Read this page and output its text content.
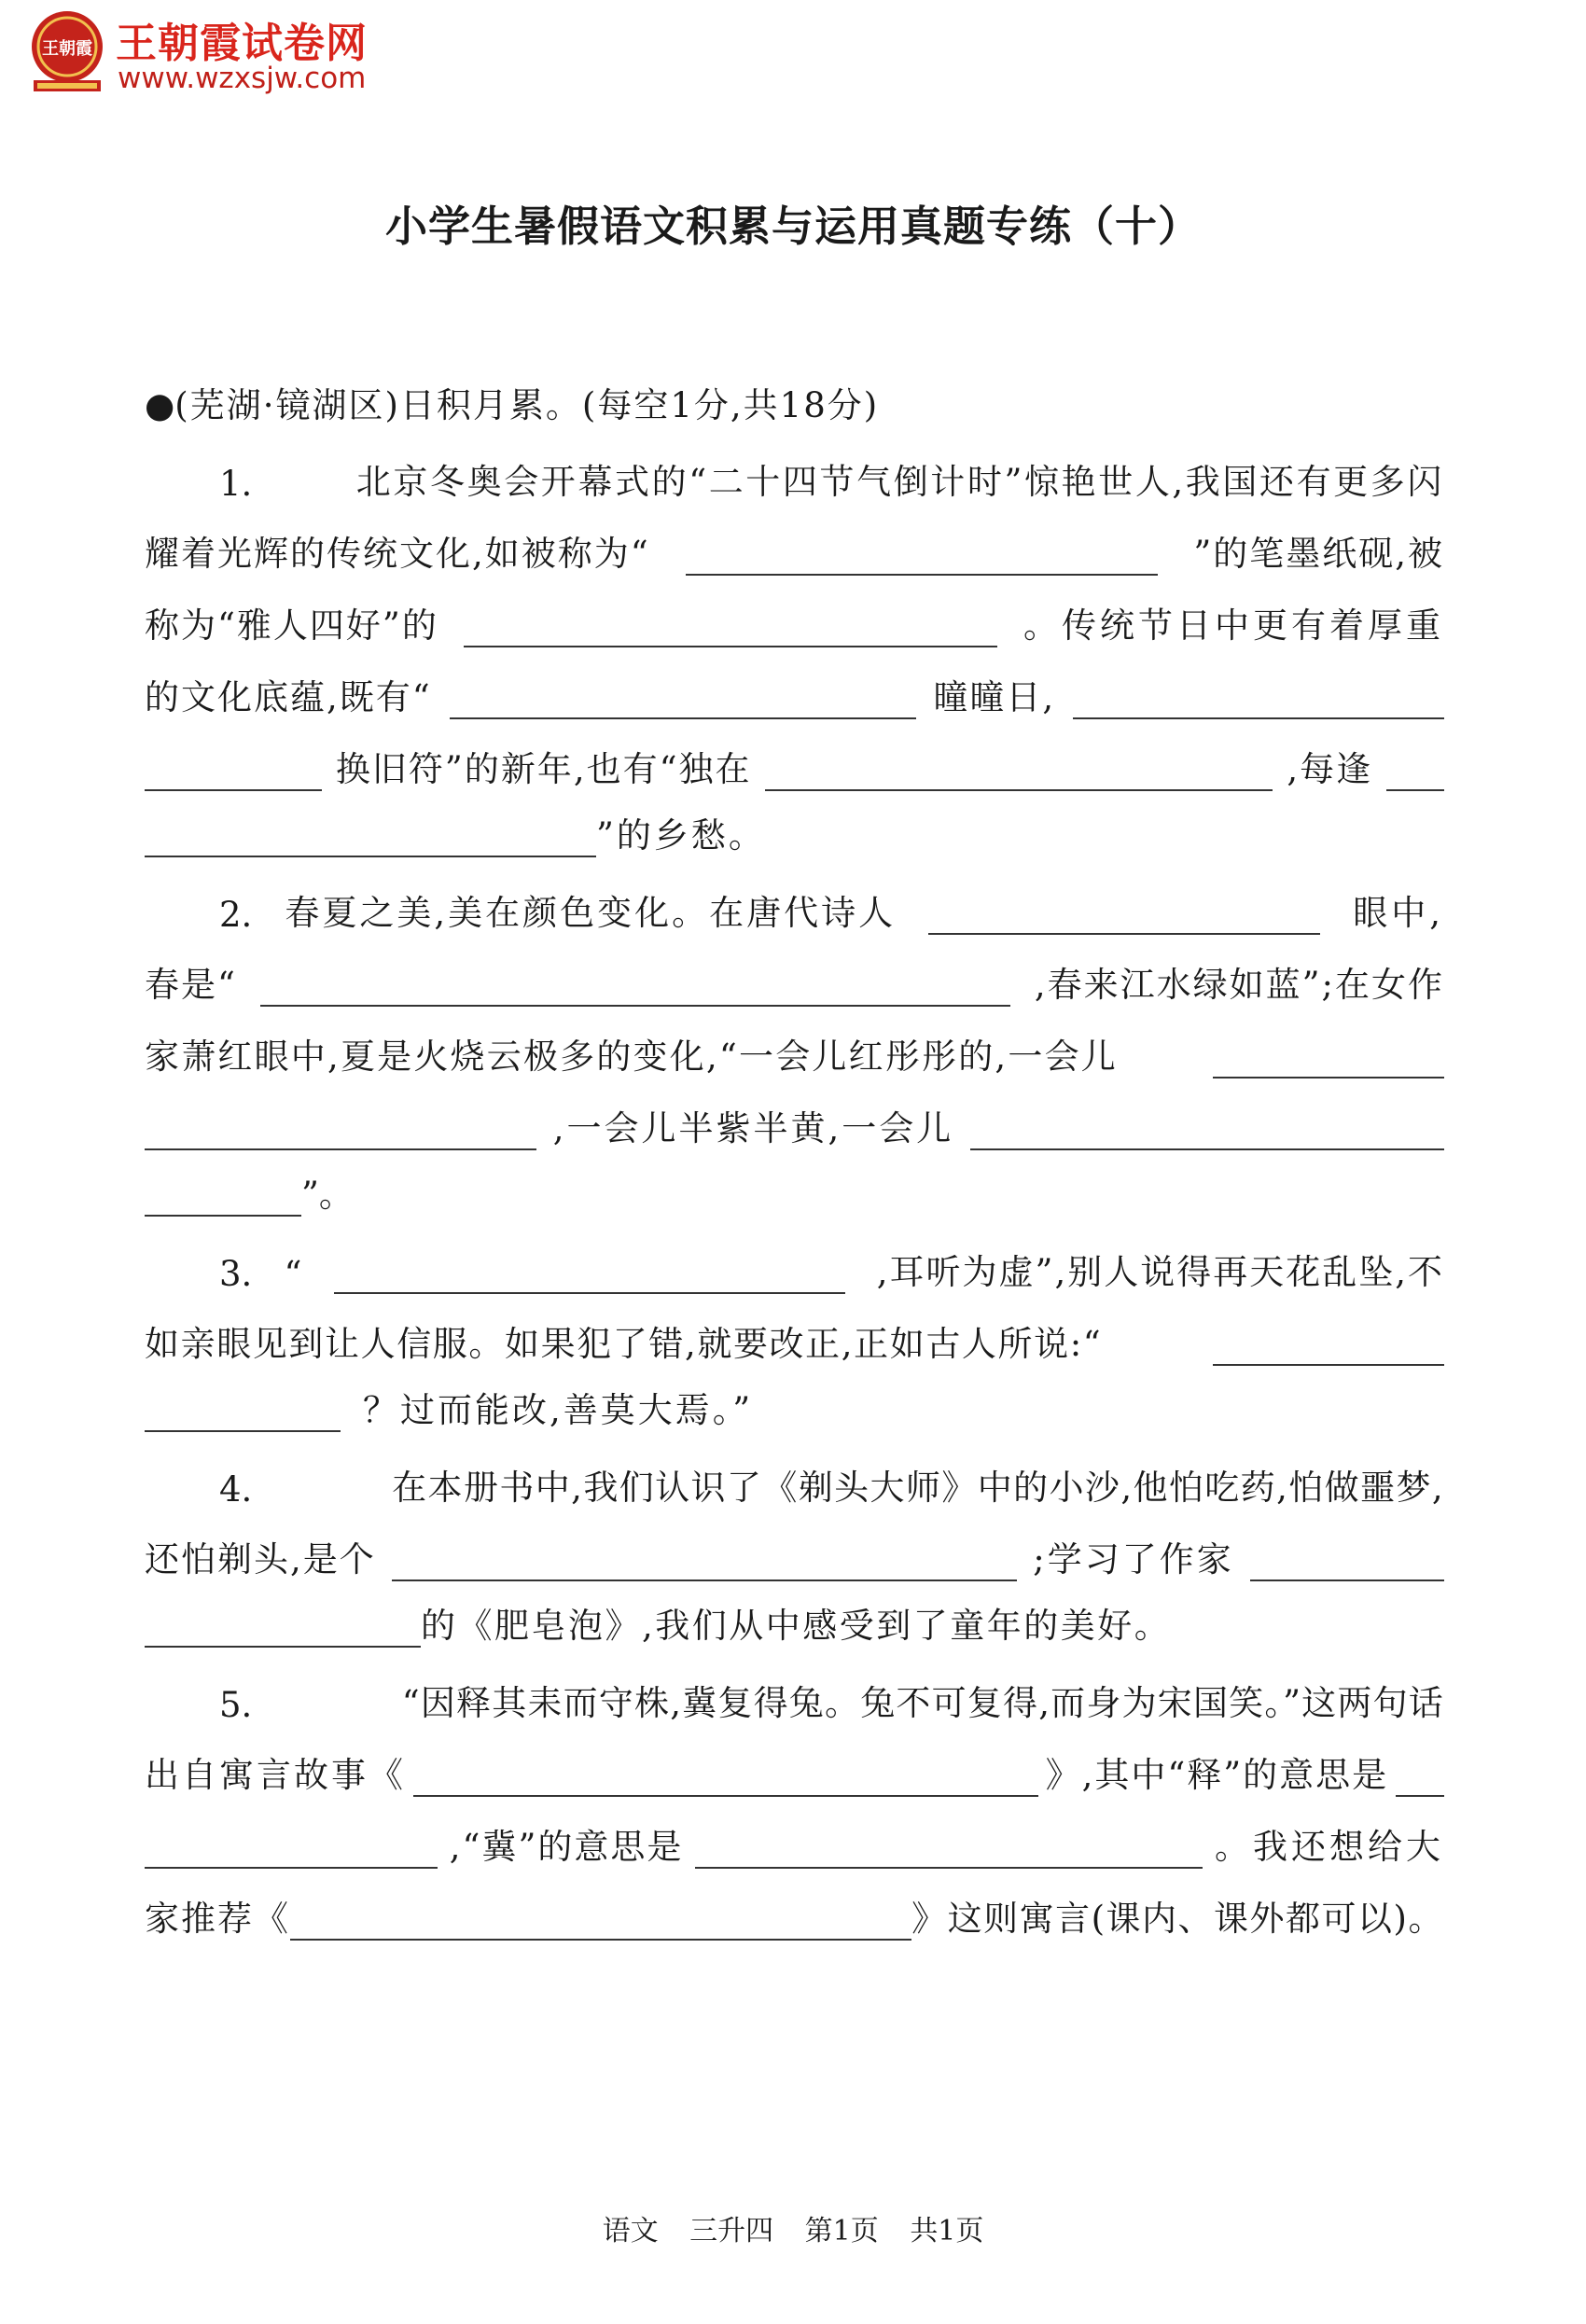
王朝霞 王朝霞试卷网
www.wzxsjw.com
小学生暑假语文积累与运用真题专练（十）
●(芜湖·镜湖区)日积月累。(每空1分,共18分)
1.	北京冬奥会开幕式的“二十四节气倒计时”惊艳世人,我国还有更多闪
耀着光辉的传统文化,如被称为“	”的笔墨纸砚,被
称为“雅人四好”的	。传统节日中更有着厚重
的文化底蕴,既有“	曈曈日,
换旧符”的新年,也有“独在	,每逢
”的乡愁。
2. 春夏之美,美在颜色变化。在唐代诗人	眼中,
春是“	,春来江水绿如蓝”;在女作
家萧红眼中,夏是火烧云极多的变化,“一会儿红彤彤的,一会儿
,一会儿半紫半黄,一会儿
”。
3. “	,耳听为虚”,别人说得再天花乱坠,不
如亲眼见到让人信服。如果犯了错,就要改正,正如古人所说:“
？过而能改,善莫大焉。”
4.	在本册书中,我们认识了《剃头大师》中的小沙,他怕吃药,怕做噩梦,
还怕剃头,是个	;学习了作家
的《肥皂泡》,我们从中感受到了童年的美好。
5.	“因释其耒而守株,冀复得兔。兔不可复得,而身为宋国笑。”这两句话
出自寓言故事《	》,其中“释”的意思是
,“冀”的意思是	。我还想给大
家推荐《	》这则寓言(课内、课外都可以)。
语文 三升四 第1页 共1页
